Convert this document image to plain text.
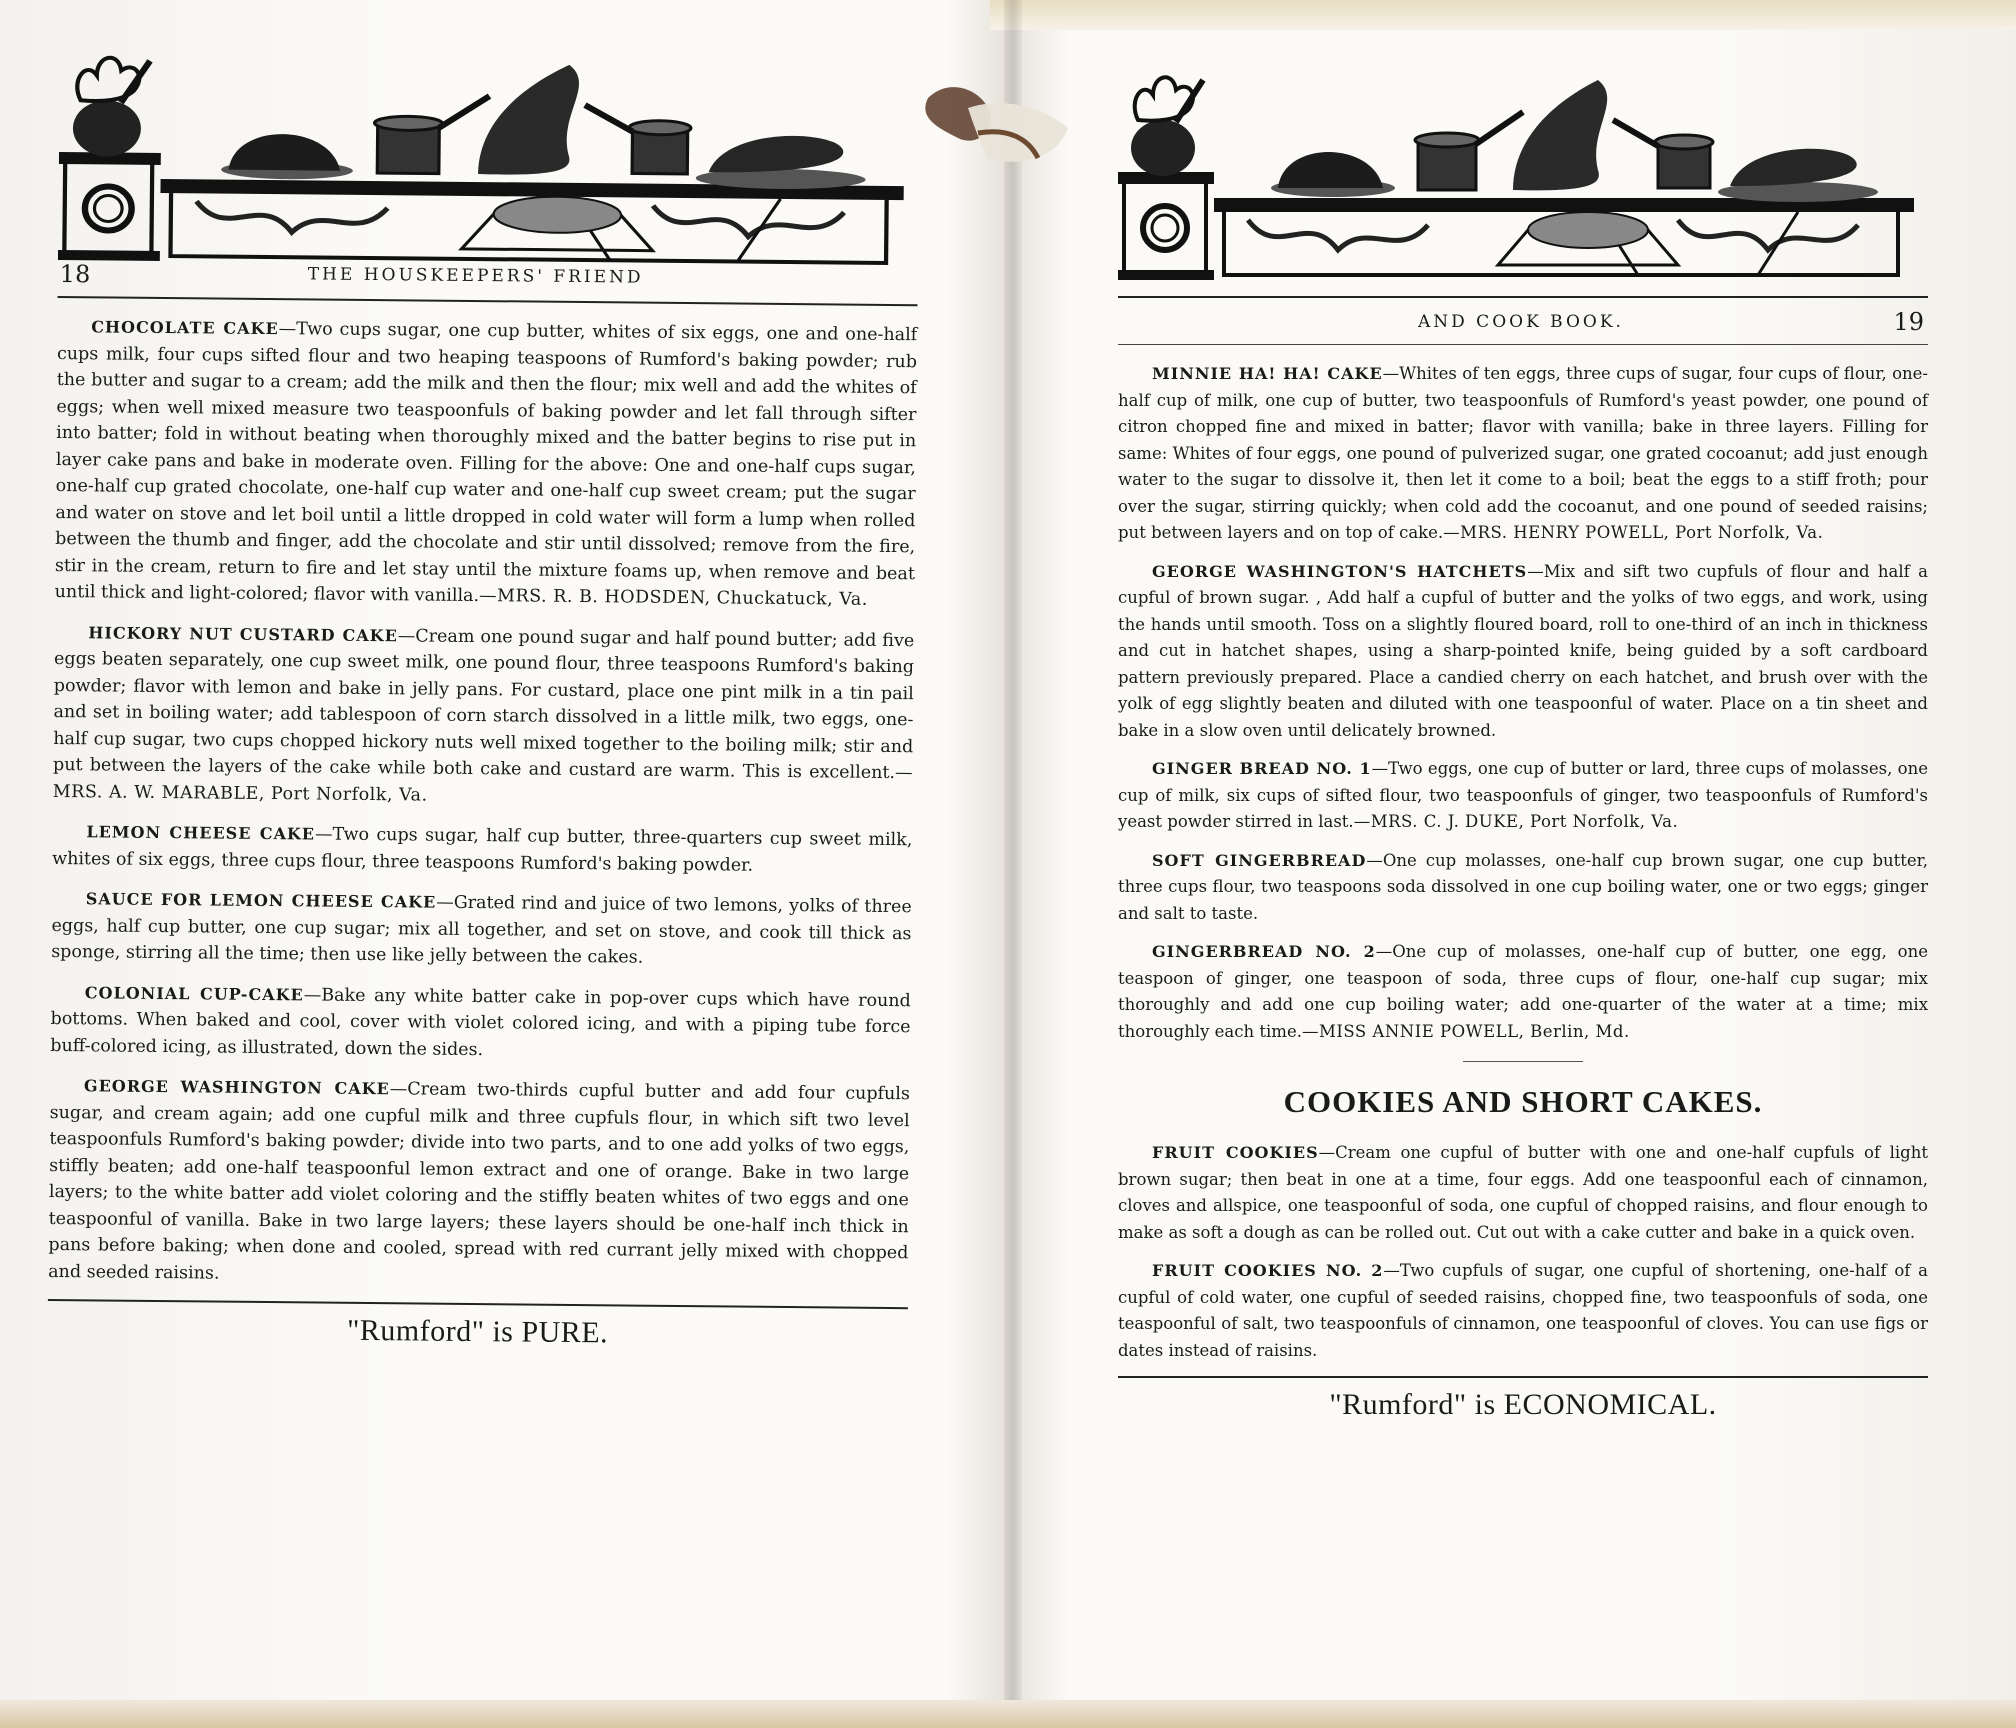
18	THE HOUSKEEPERS' FRIEND

CHOCOLATE CAKE—Two cups sugar, one cup butter, whites of six eggs, one and one-half cups milk, four cups sifted flour and two heaping teaspoons of Rumford's baking powder; rub the butter and sugar to a cream; add the milk and then the flour; mix well and add the whites of eggs; when well mixed measure two teaspoonfuls of baking powder and let fall through sifter into batter; fold in without beating when thoroughly mixed and the batter begins to rise put in layer cake pans and bake in moderate oven. Filling for the above: One and one-half cups sugar, one-half cup grated chocolate, one-half cup water and one-half cup sweet cream; put the sugar and water on stove and let boil until a little dropped in cold water will form a lump when rolled between the thumb and finger, add the chocolate and stir until dissolved; remove from the fire, stir in the cream, return to fire and let stay until the mixture foams up, when remove and beat until thick and light-colored; flavor with vanilla.—MRS. R. B. HODSDEN, Chuckatuck, Va.

HICKORY NUT CUSTARD CAKE—Cream one pound sugar and half pound butter; add five eggs beaten separately, one cup sweet milk, one pound flour, three teaspoons Rumford's baking powder; flavor with lemon and bake in jelly pans. For custard, place one pint milk in a tin pail and set in boiling water; add tablespoon of corn starch dissolved in a little milk, two eggs, one-half cup sugar, two cups chopped hickory nuts well mixed together to the boiling milk; stir and put between the layers of the cake while both cake and custard are warm. This is excellent.—MRS. A. W. MARABLE, Port Norfolk, Va.

LEMON CHEESE CAKE—Two cups sugar, half cup butter, three-quarters cup sweet milk, whites of six eggs, three cups flour, three teaspoons Rumford's baking powder.

SAUCE FOR LEMON CHEESE CAKE—Grated rind and juice of two lemons, yolks of three eggs, half cup butter, one cup sugar; mix all together, and set on stove, and cook till thick as sponge, stirring all the time; then use like jelly between the cakes.

COLONIAL CUP-CAKE—Bake any white batter cake in pop-over cups which have round bottoms. When baked and cool, cover with violet colored icing, and with a piping tube force buff-colored icing, as illustrated, down the sides.

GEORGE WASHINGTON CAKE—Cream two-thirds cupful butter and add four cupfuls sugar, and cream again; add one cupful milk and three cupfuls flour, in which sift two level teaspoonfuls Rumford's baking powder; divide into two parts, and to one add yolks of two eggs, stiffly beaten; add one-half teaspoonful lemon extract and one of orange. Bake in two large layers; to the white batter add violet coloring and the stiffly beaten whites of two eggs and one teaspoonful of vanilla. Bake in two large layers; these layers should be one-half inch thick in pans before baking; when done and cooled, spread with red currant jelly mixed with chopped and seeded raisins.

"Rumford" is PURE.
AND COOK BOOK.	19

MINNIE HA! HA! CAKE—Whites of ten eggs, three cups of sugar, four cups of flour, one-half cup of milk, one cup of butter, two teaspoonfuls of Rumford's yeast powder, one pound of citron chopped fine and mixed in batter; flavor with vanilla; bake in three layers. Filling for same: Whites of four eggs, one pound of pulverized sugar, one grated cocoanut; add just enough water to the sugar to dissolve it, then let it come to a boil; beat the eggs to a stiff froth; pour over the sugar, stirring quickly; when cold add the cocoanut, and one pound of seeded raisins; put between layers and on top of cake.—MRS. HENRY POWELL, Port Norfolk, Va.

GEORGE WASHINGTON'S HATCHETS—Mix and sift two cupfuls of flour and half a cupful of brown sugar. , Add half a cupful of butter and the yolks of two eggs, and work, using the hands until smooth. Toss on a slightly floured board, roll to one-third of an inch in thickness and cut in hatchet shapes, using a sharp-pointed knife, being guided by a soft cardboard pattern previously prepared. Place a candied cherry on each hatchet, and brush over with the yolk of egg slightly beaten and diluted with one teaspoonful of water. Place on a tin sheet and bake in a slow oven until delicately browned.

GINGER BREAD NO. 1—Two eggs, one cup of butter or lard, three cups of molasses, one cup of milk, six cups of sifted flour, two teaspoonfuls of ginger, two teaspoonfuls of Rumford's yeast powder stirred in last.—MRS. C. J. DUKE, Port Norfolk, Va.

SOFT GINGERBREAD—One cup molasses, one-half cup brown sugar, one cup butter, three cups flour, two teaspoons soda dissolved in one cup boiling water, one or two eggs; ginger and salt to taste.

GINGERBREAD NO. 2—One cup of molasses, one-half cup of butter, one egg, one teaspoon of ginger, one teaspoon of soda, three cups of flour, one-half cup sugar; mix thoroughly and add one cup boiling water; add one-quarter of the water at a time; mix thoroughly each time.—MISS ANNIE POWELL, Berlin, Md.

COOKIES AND SHORT CAKES.

FRUIT COOKIES—Cream one cupful of butter with one and one-half cupfuls of light brown sugar; then beat in one at a time, four eggs. Add one teaspoonful each of cinnamon, cloves and allspice, one teaspoonful of soda, one cupful of chopped raisins, and flour enough to make as soft a dough as can be rolled out. Cut out with a cake cutter and bake in a quick oven.

FRUIT COOKIES NO. 2—Two cupfuls of sugar, one cupful of shortening, one-half of a cupful of cold water, one cupful of seeded raisins, chopped fine, two teaspoonfuls of soda, one teaspoonful of salt, two teaspoonfuls of cinnamon, one teaspoonful of cloves. You can use figs or dates instead of raisins.

"Rumford" is ECONOMICAL.
